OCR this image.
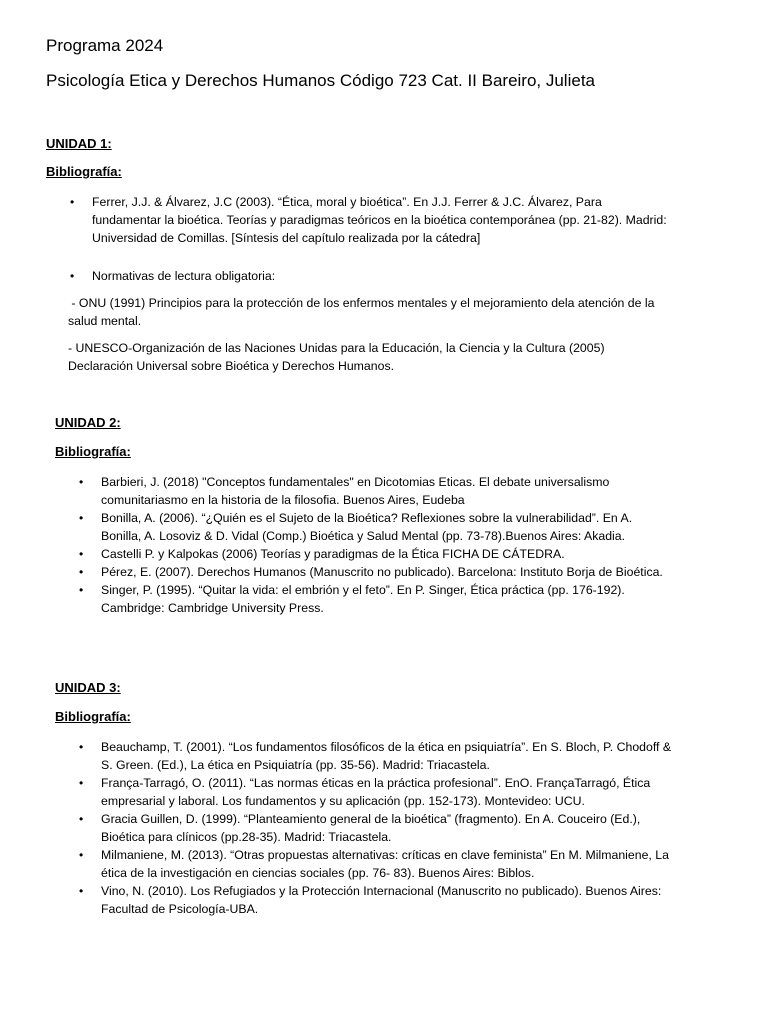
Programa 2024
Psicología Etica y Derechos Humanos Código 723 Cat. II Bareiro, Julieta
UNIDAD 1:
Bibliografía:
• Ferrer, J.J. & Álvarez, J.C (2003). “Ética, moral y bioética”. En J.J. Ferrer & J.C. Álvarez, Para fundamentar la bioética. Teorías y paradigmas teóricos en la bioética contemporánea (pp. 21-82). Madrid: Universidad de Comillas. [Síntesis del capítulo realizada por la cátedra]
• Normativas de lectura obligatoria:
- ONU (1991) Principios para la protección de los enfermos mentales y el mejoramiento dela atención de la salud mental.
- UNESCO-Organización de las Naciones Unidas para la Educación, la Ciencia y la Cultura (2005) Declaración Universal sobre Bioética y Derechos Humanos.
UNIDAD 2:
Bibliografía:
• Barbieri, J. (2018) "Conceptos fundamentales" en Dicotomias Eticas. El debate universalismo comunitariasmo en la historia de la filosofia. Buenos Aires, Eudeba
• Bonilla, A. (2006). “¿Quién es el Sujeto de la Bioética? Reflexiones sobre la vulnerabilidad”. En A. Bonilla, A. Losoviz & D. Vidal (Comp.) Bioética y Salud Mental (pp. 73-78).Buenos Aires: Akadia.
• Castelli P. y Kalpokas (2006) Teorías y paradigmas de la Ética FICHA DE CÁTEDRA.
• Pérez, E. (2007). Derechos Humanos (Manuscrito no publicado). Barcelona: Instituto Borja de Bioética.
• Singer, P. (1995). “Quitar la vida: el embrión y el feto”. En P. Singer, Ética práctica (pp. 176-192). Cambridge: Cambridge University Press.
UNIDAD 3:
Bibliografía:
• Beauchamp, T. (2001). “Los fundamentos filosóficos de la ética en psiquiatría”. En S. Bloch, P. Chodoff & S. Green. (Ed.), La ética en Psiquiatría (pp. 35-56). Madrid: Triacastela.
• França-Tarragó, O. (2011). “Las normas éticas en la práctica profesional”. EnO. FrançaTarragó, Ética empresarial y laboral. Los fundamentos y su aplicación (pp. 152-173). Montevideo: UCU.
• Gracia Guillen, D. (1999). “Planteamiento general de la bioética” (fragmento). En A. Couceiro (Ed.), Bioética para clínicos (pp.28-35). Madrid: Triacastela.
• Milmaniene, M. (2013). “Otras propuestas alternativas: críticas en clave feminista” En M. Milmaniene, La ética de la investigación en ciencias sociales (pp. 76- 83). Buenos Aires: Biblos.
• Vino, N. (2010). Los Refugiados y la Protección Internacional (Manuscrito no publicado). Buenos Aires: Facultad de Psicología-UBA.
